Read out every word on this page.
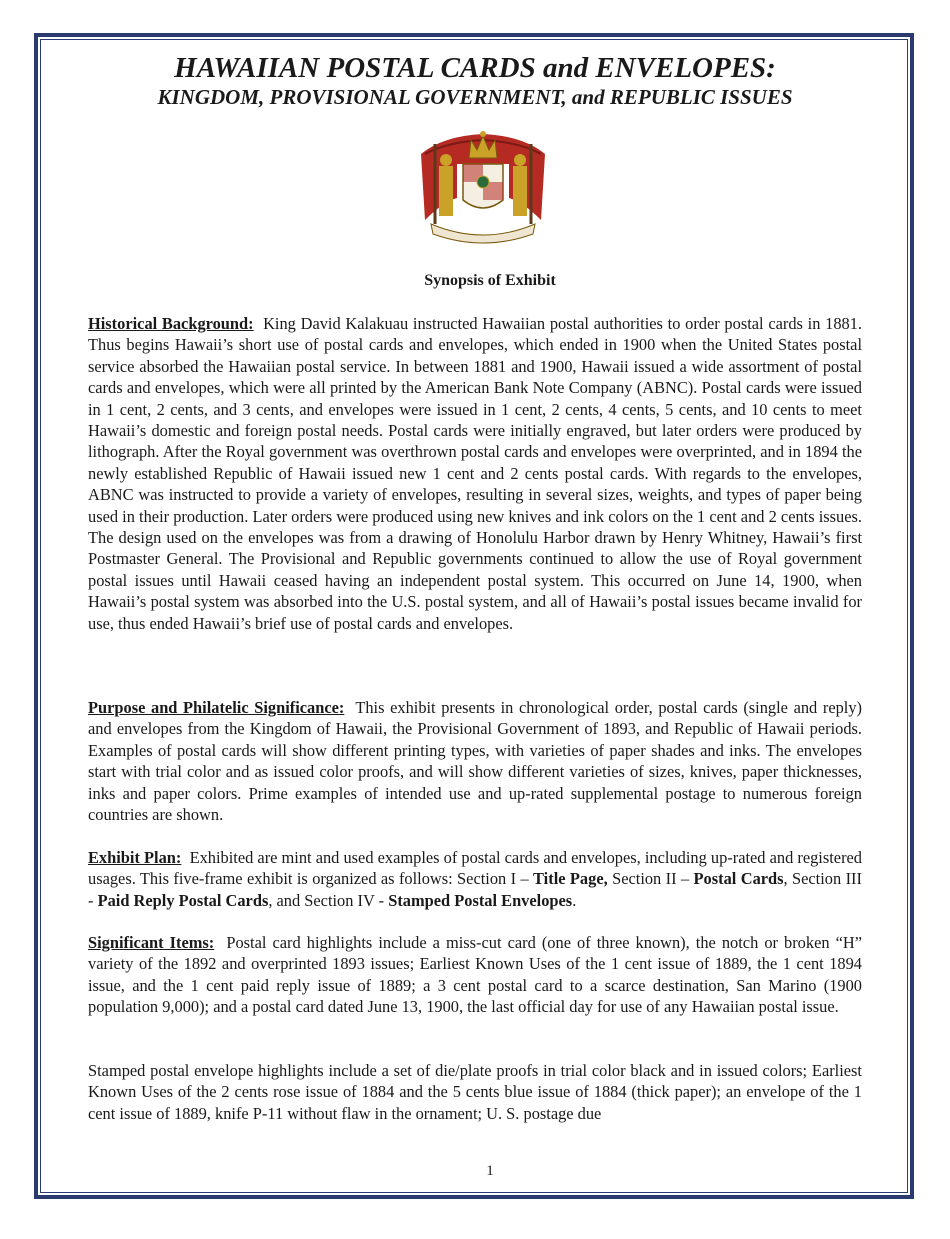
HAWAIIAN POSTAL CARDS and ENVELOPES:
KINGDOM, PROVISIONAL GOVERNMENT, and REPUBLIC ISSUES
Synopsis of Exhibit

Historical Background: King David Kalakuau instructed Hawaiian postal authorities to order postal cards in 1881. Thus begins Hawaii’s short use of postal cards and envelopes, which ended in 1900 when the United States postal service absorbed the Hawaiian postal service. In between 1881 and 1900, Hawaii issued a wide assortment of postal cards and envelopes, which were all printed by the American Bank Note Company (ABNC). Postal cards were issued in 1 cent, 2 cents, and 3 cents, and envelopes were issued in 1 cent, 2 cents, 4 cents, 5 cents, and 10 cents to meet Hawaii’s domestic and foreign postal needs. Postal cards were initially engraved, but later orders were produced by lithograph. After the Royal government was overthrown postal cards and envelopes were overprinted, and in 1894 the newly established Republic of Hawaii issued new 1 cent and 2 cents postal cards. With regards to the envelopes, ABNC was instructed to provide a variety of envelopes, resulting in several sizes, weights, and types of paper being used in their production. Later orders were produced using new knives and ink colors on the 1 cent and 2 cents issues. The design used on the envelopes was from a drawing of Honolulu Harbor drawn by Henry Whitney, Hawaii’s first Postmaster General. The Provisional and Republic governments continued to allow the use of Royal government postal issues until Hawaii ceased having an independent postal system. This occurred on June 14, 1900, when Hawaii’s postal system was absorbed into the U.S. postal system, and all of Hawaii’s postal issues became invalid for use, thus ended Hawaii’s brief use of postal cards and envelopes.

Purpose and Philatelic Significance: This exhibit presents in chronological order, postal cards (single and reply) and envelopes from the Kingdom of Hawaii, the Provisional Government of 1893, and Republic of Hawaii periods. Examples of postal cards will show different printing types, with varieties of paper shades and inks. The envelopes start with trial color and as issued color proofs, and will show different varieties of sizes, knives, paper thicknesses, inks and paper colors. Prime examples of intended use and up-rated supplemental postage to numerous foreign countries are shown.

Exhibit Plan: Exhibited are mint and used examples of postal cards and envelopes, including up-rated and registered usages. This five-frame exhibit is organized as follows: Section I – Title Page, Section II – Postal Cards, Section III - Paid Reply Postal Cards, and Section IV - Stamped Postal Envelopes.

Significant Items: Postal card highlights include a miss-cut card (one of three known), the notch or broken “H” variety of the 1892 and overprinted 1893 issues; Earliest Known Uses of the 1 cent issue of 1889, the 1 cent 1894 issue, and the 1 cent paid reply issue of 1889; a 3 cent postal card to a scarce destination, San Marino (1900 population 9,000); and a postal card dated June 13, 1900, the last official day for use of any Hawaiian postal issue.

Stamped postal envelope highlights include a set of die/plate proofs in trial color black and in issued colors; Earliest Known Uses of the 2 cents rose issue of 1884 and the 5 cents blue issue of 1884 (thick paper); an envelope of the 1 cent issue of 1889, knife P-11 without flaw in the ornament; U. S. postage due

1
